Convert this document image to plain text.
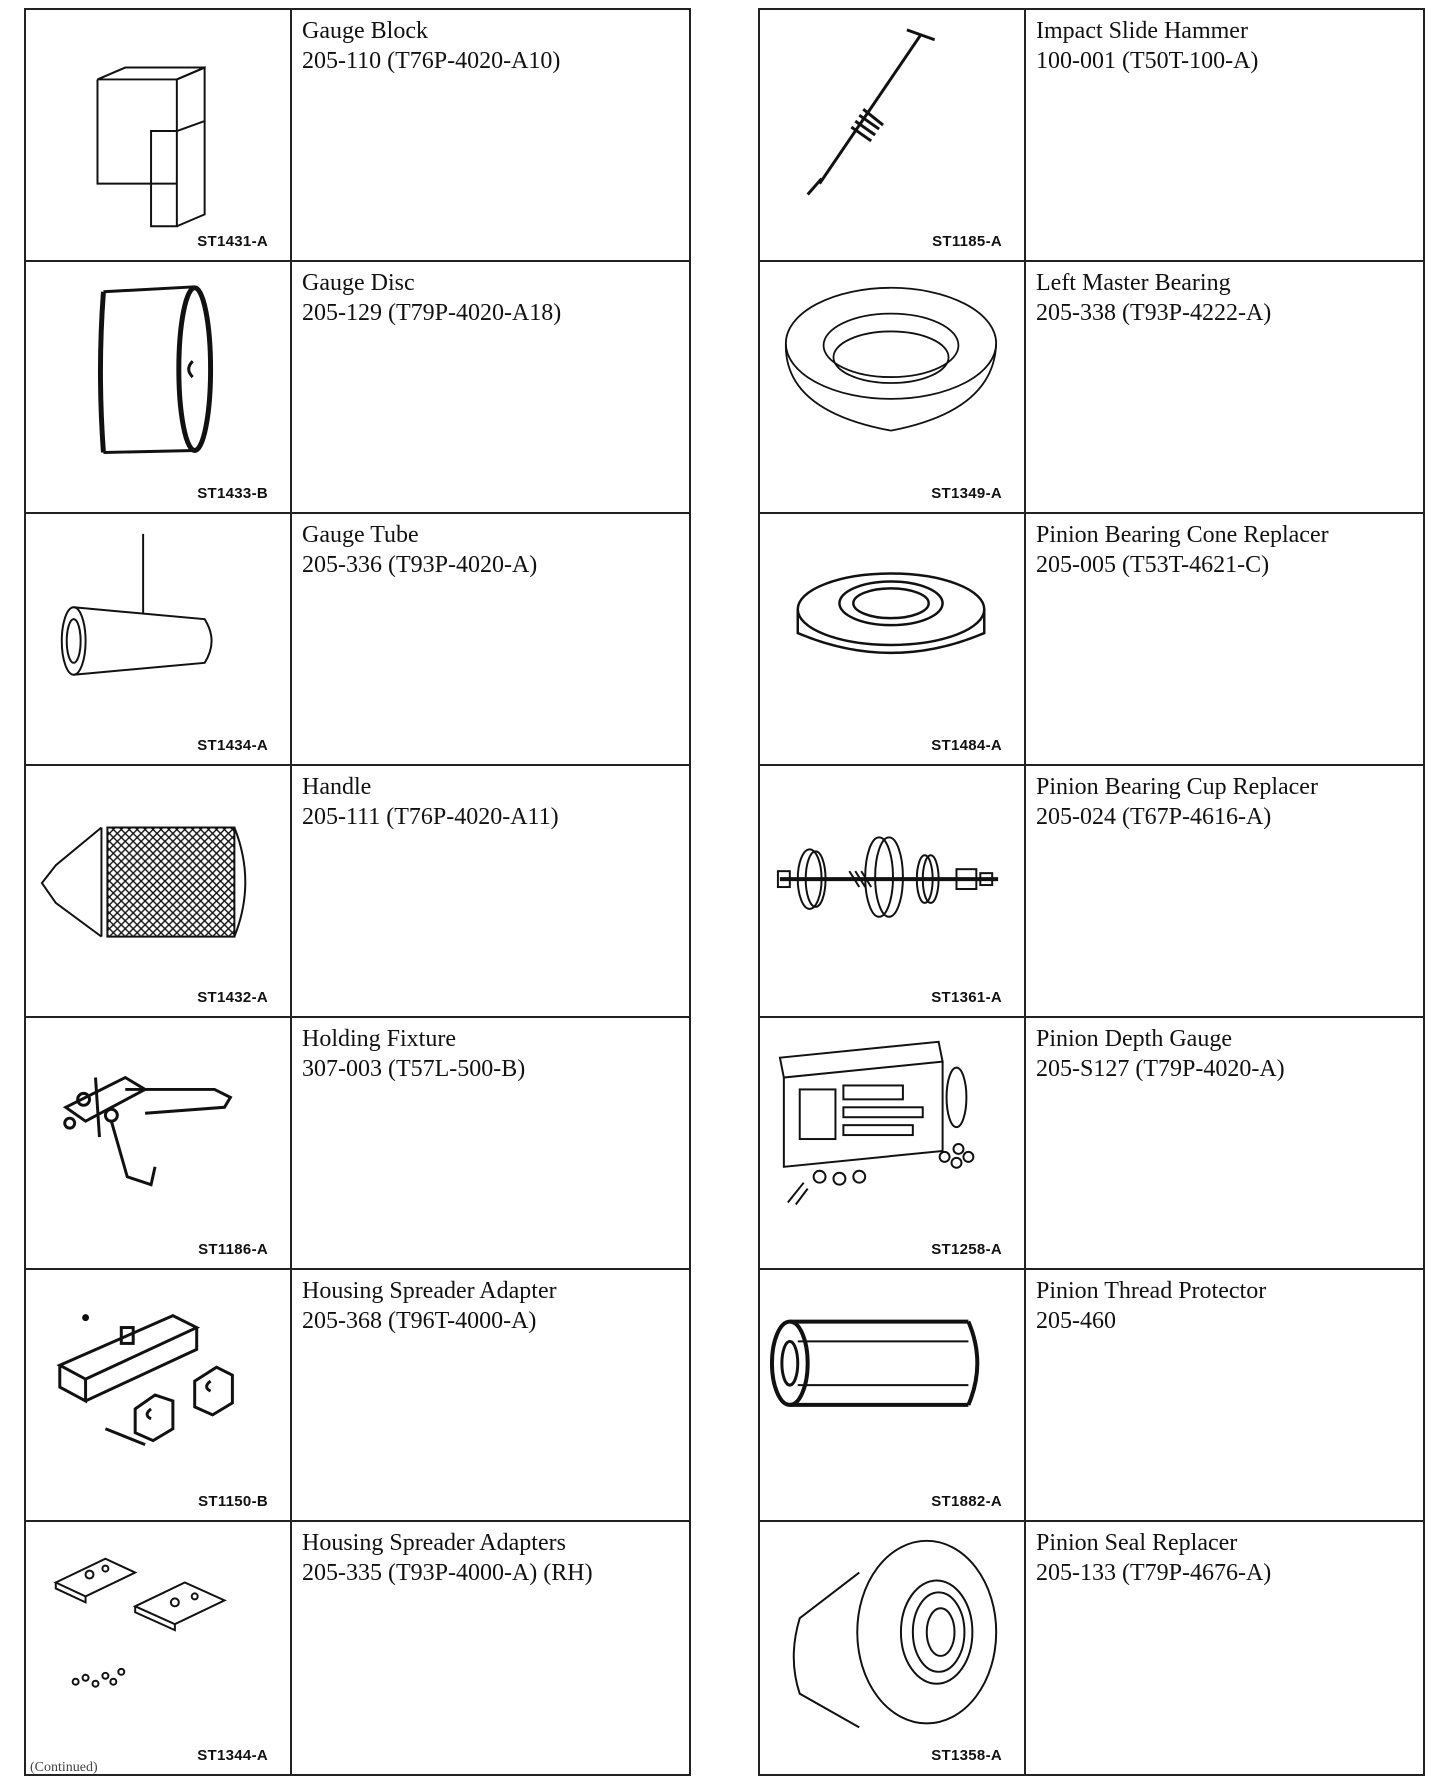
ST1431-A
Gauge Block
205-110 (T76P-4020-A10)
ST1433-B
Gauge Disc
205-129 (T79P-4020-A18)
ST1434-A
Gauge Tube
205-336 (T93P-4020-A)
ST1432-A
Handle
205-111 (T76P-4020-A11)
ST1186-A
Holding Fixture
307-003 (T57L-500-B)
ST1150-B
Housing Spreader Adapter
205-368 (T96T-4000-A)
ST1344-A
Housing Spreader Adapters
205-335 (T93P-4000-A) (RH)
ST1185-A
Impact Slide Hammer
100-001 (T50T-100-A)
ST1349-A
Left Master Bearing
205-338 (T93P-4222-A)
ST1484-A
Pinion Bearing Cone Replacer
205-005 (T53T-4621-C)
ST1361-A
Pinion Bearing Cup Replacer
205-024 (T67P-4616-A)
ST1258-A
Pinion Depth Gauge
205-S127 (T79P-4020-A)
ST1882-A
Pinion Thread Protector
205-460
ST1358-A
Pinion Seal Replacer
205-133 (T79P-4676-A)
(Continued)
